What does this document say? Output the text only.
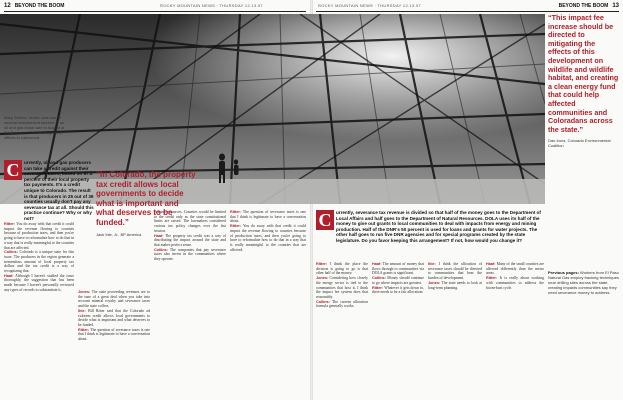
12 BEYOND THE BOOM	ROCKY MOUNTAIN NEWS · THURSDAY 12.13.07	BEYOND THE BOOM 13
ROCKY MOUNTAIN NEWS · THURSDAY 12.13.07
Mary Sellers, center, was one of several independent ladders at an oil and gas lease sale in August at the Bureau of Land Management offices in Lakewood.
“This impact fee increase should be directed to mitigating the effects of this development on wildlife and wildlife habitat, and creating a clean energy fund that could help affected communities and Coloradans across the state.”
Dan Irons, Colorado Environmental Coalition
C urrently, oil and gas producers can take a credit against their severance taxes, based on 87.5 percent of their local property tax payments. It's a credit unique to Colorado. The result is that producers in 25 out of 39 counties usually don't pay any severance tax at all. Should this practice continue? Why or why not?

Ritter: You do away with that credit it could impact the revenue flowing to counties because of production taxes, and then you're going to have to reformulate how to do that in a way that is really meaningful to the counties that are affected.

Collins: Colorado is a unique state for this issue. The producers in the region generate a tremendous amount of local property tax dollars and the tax credit is a way of recognizing that.

Haaf: Although I haven't studied the issue thoroughly, the suggestion that has been made because I haven't personally reviewed any types of records to substantiate it.

Jones: The state proceeding revenues are to the tune of a great deal when you take into account mineral royalty and severance taxes and the state coffers.

Ihle: Bill Ritter said that the Colorado ad valorem credit allows local governments to decide what is important and what deserves to be funded.

Ritter: The question of severance taxes is one that I think is legitimate to have a conversation about.

cultural resources. Counties would be limited to the credit only as the state constitutional limits are raised. The lawmakers considered various tax policy changes over the last session.

Haaf: The property tax credit was a way of distributing the impact around the state and that makes perfect sense.

Collins: The companies that pay severance taxes also invest in the communities where they operate.

Ritter: The question of severance taxes is one that I think is legitimate to have a conversation about.

Ritter: You do away with that credit it could impact the revenue flowing to counties because of production taxes, and then you're going to have to reformulate how to do that in a way that is really meaningful to the counties that are affected.

“In Colorado, the property tax credit allows local governments to decide what is important and what deserves to be funded.”
Jack Ihle, Jr., BP America
C urrently, severance tax revenue is divided so that half of the money goes to the Department of Local Affairs and half goes to the Department of Natural Resources. DOLA uses its half of the money to give out grants to local communities to deal with impacts from energy and mining production. Half of the DNR's 50 percent is used for loans and grants for water projects. The other half goes to run five DNR agencies and for special programs created by the state legislature. Do you favor keeping this arrangement? If not, how would you change it?

Ritter: I think the place the division is going to go is that other half of the money.

Jones: Considering how closely the energy sector is tied to the communities that host it, I think the impact fee system does that reasonably.

Collins: The current allocation formula generally works.

Haaf: The amount of money that flows through to communities via DOLA grants is significant.

Collins: Money should continue to go where impacts are greatest.

Ritter: Whatever it gets down to, there needs to be a fair allocation.

Ihle: I think the allocation of severance taxes should be directed to communities that bear the burden of development.

Jones: The state needs to look at long-term planning.

Haaf: Many of the small counties are affected differently than the metro areas.

Ritter: It is really about working with communities to address the boom-bust cycle.

Previous pages: Workers from El Paso Natural Gas employ fracking techniques near drilling sites across the state, creating impacts communities say they need severance money to address.
